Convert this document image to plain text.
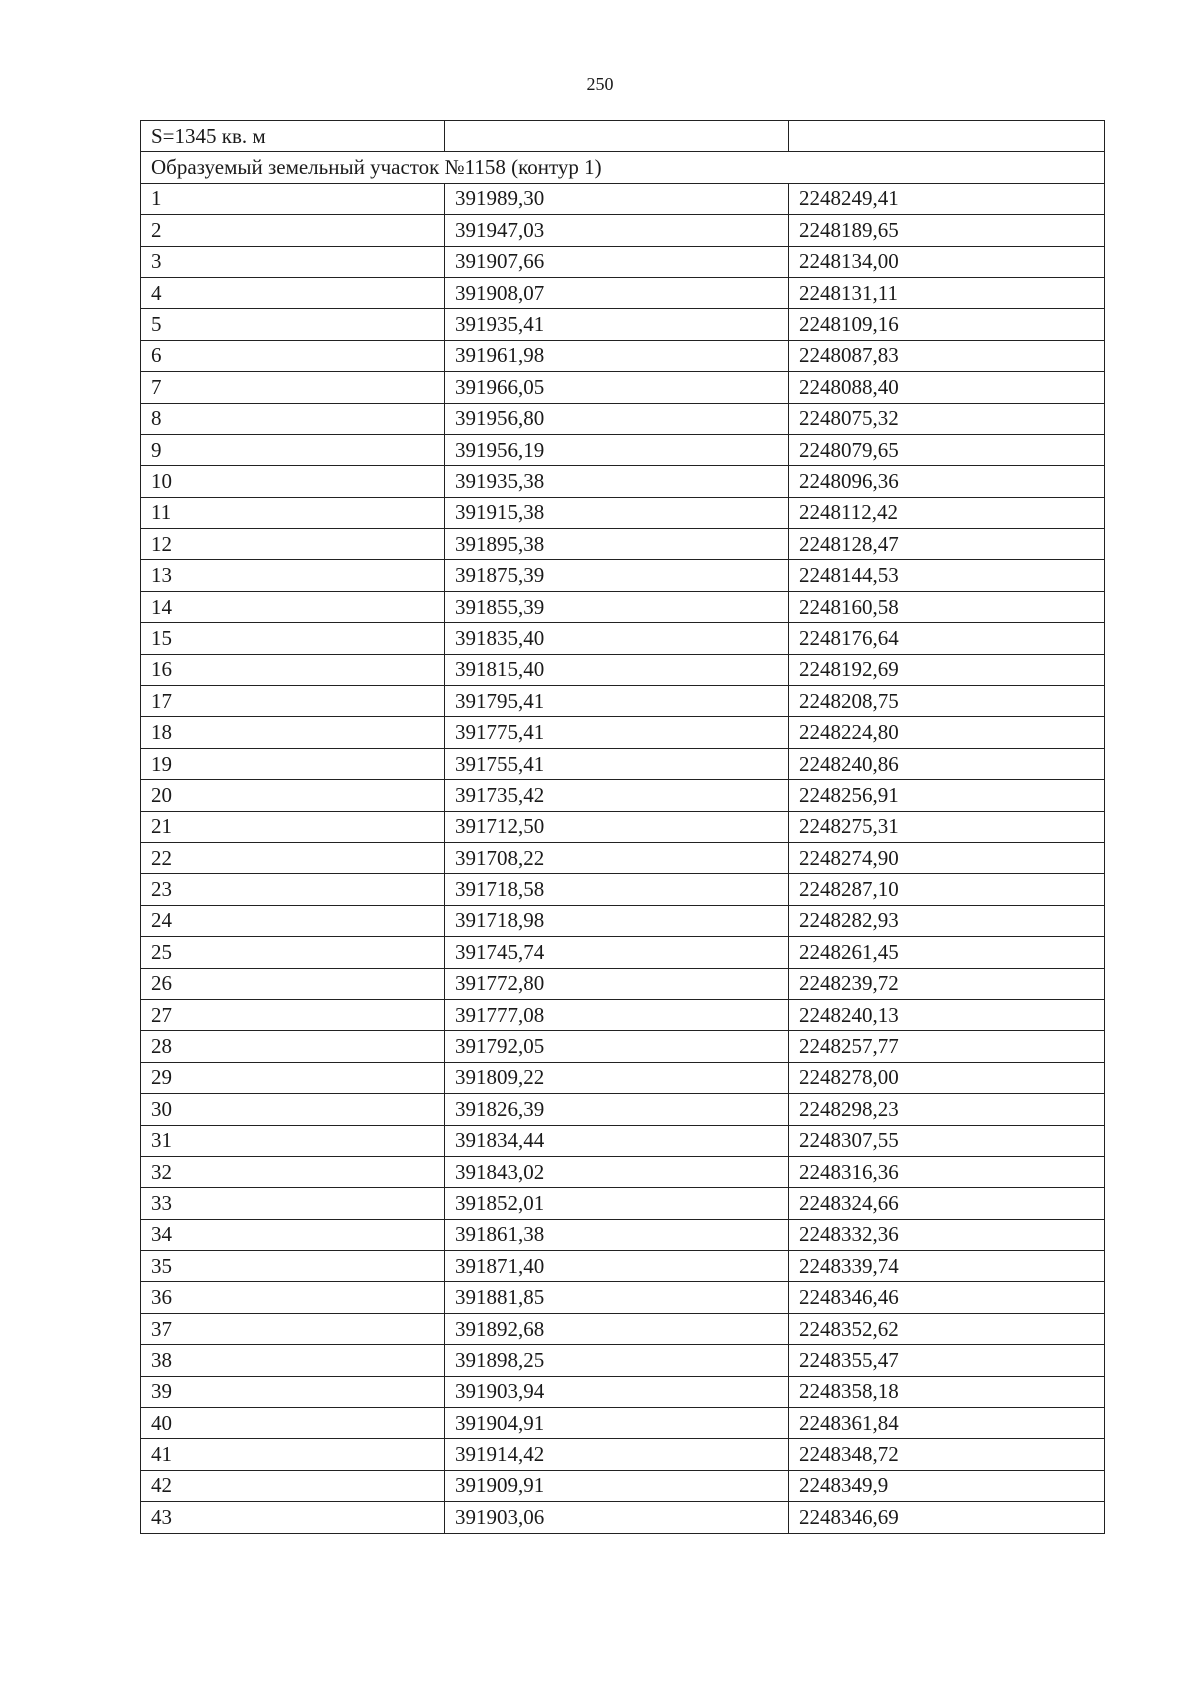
250
S=1345 кв. м		
Образуемый земельный участок №1158 (контур 1)		
1	391989,30	2248249,41
2	391947,03	2248189,65
3	391907,66	2248134,00
4	391908,07	2248131,11
5	391935,41	2248109,16
6	391961,98	2248087,83
7	391966,05	2248088,40
8	391956,80	2248075,32
9	391956,19	2248079,65
10	391935,38	2248096,36
11	391915,38	2248112,42
12	391895,38	2248128,47
13	391875,39	2248144,53
14	391855,39	2248160,58
15	391835,40	2248176,64
16	391815,40	2248192,69
17	391795,41	2248208,75
18	391775,41	2248224,80
19	391755,41	2248240,86
20	391735,42	2248256,91
21	391712,50	2248275,31
22	391708,22	2248274,90
23	391718,58	2248287,10
24	391718,98	2248282,93
25	391745,74	2248261,45
26	391772,80	2248239,72
27	391777,08	2248240,13
28	391792,05	2248257,77
29	391809,22	2248278,00
30	391826,39	2248298,23
31	391834,44	2248307,55
32	391843,02	2248316,36
33	391852,01	2248324,66
34	391861,38	2248332,36
35	391871,40	2248339,74
36	391881,85	2248346,46
37	391892,68	2248352,62
38	391898,25	2248355,47
39	391903,94	2248358,18
40	391904,91	2248361,84
41	391914,42	2248348,72
42	391909,91	2248349,9
43	391903,06	2248346,69
